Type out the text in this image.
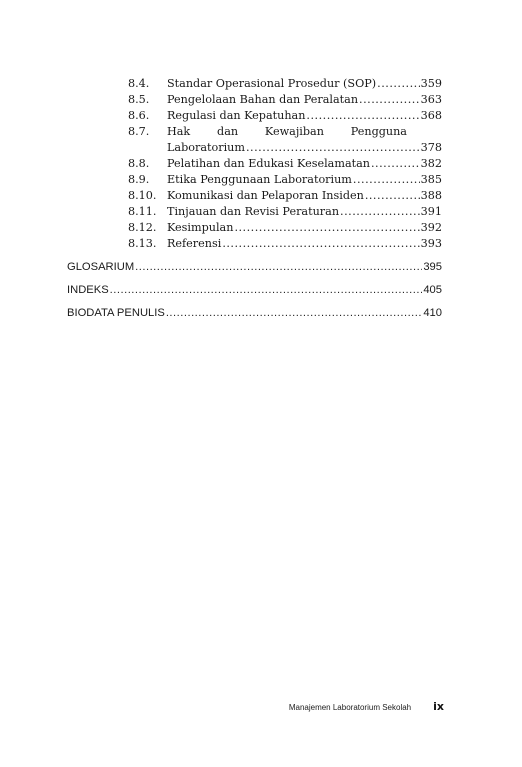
8.4. Standar Operasional Prosedur (SOP) .....	359
8.5. Pengelolaan Bahan dan Peralatan .....	363
8.6. Regulasi dan Kepatuhan .....	368
8.7. Hak dan Kewajiban Pengguna
Laboratorium .....	378
8.8. Pelatihan dan Edukasi Keselamatan .....	382
8.9. Etika Penggunaan Laboratorium .....	385
8.10. Komunikasi dan Pelaporan Insiden .....	388
8.11. Tinjauan dan Revisi Peraturan .....	391
8.12. Kesimpulan .....	392
8.13. Referensi .....	393
GLOSARIUM .....	395
INDEKS .....	405
BIODATA PENULIS .....	410
Manajemen Laboratorium Sekolah ix
